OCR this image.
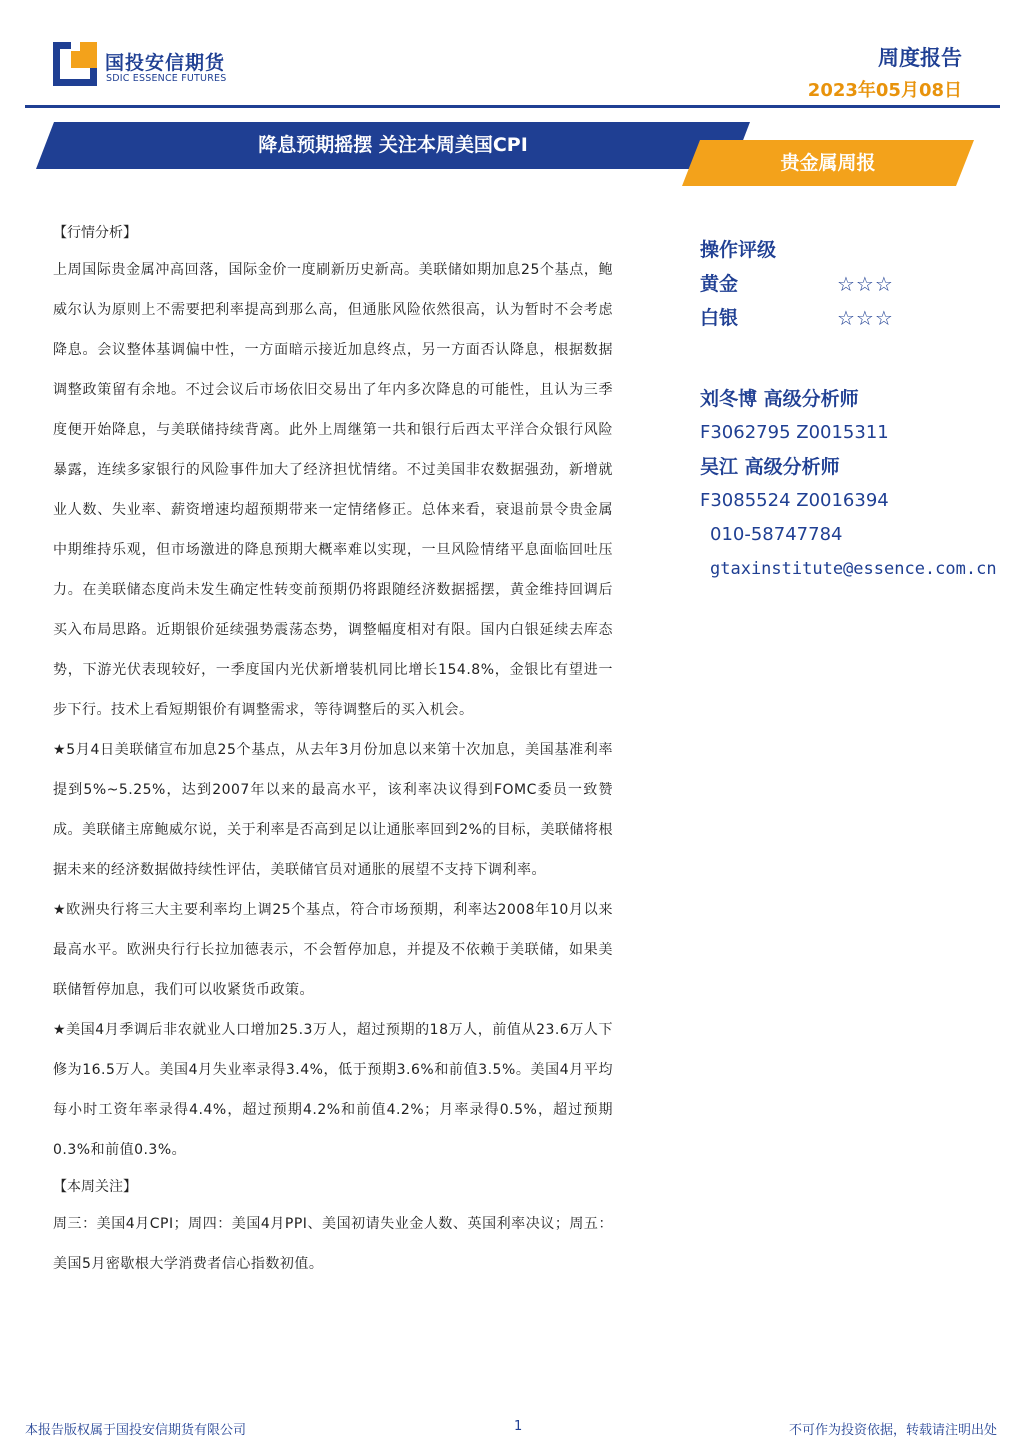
国投安信期货
SDIC ESSENCE FUTURES
周度报告
2023年05月08日
降息预期摇摆 关注本周美国CPI
贵金属周报
【行情分析】

上周国际贵金属冲高回落，国际金价一度刷新历史新高。美联储如期加息25个基点，鲍威尔认为原则上不需要把利率提高到那么高，但通胀风险依然很高，认为暂时不会考虑降息。会议整体基调偏中性，一方面暗示接近加息终点，另一方面否认降息，根据数据调整政策留有余地。不过会议后市场依旧交易出了年内多次降息的可能性，且认为三季度便开始降息，与美联储持续背离。此外上周继第一共和银行后西太平洋合众银行风险暴露，连续多家银行的风险事件加大了经济担忧情绪。不过美国非农数据强劲，新增就业人数、失业率、薪资增速均超预期带来一定情绪修正。总体来看，衰退前景令贵金属中期维持乐观，但市场激进的降息预期大概率难以实现，一旦风险情绪平息面临回吐压力。在美联储态度尚未发生确定性转变前预期仍将跟随经济数据摇摆，黄金维持回调后买入布局思路。近期银价延续强势震荡态势，调整幅度相对有限。国内白银延续去库态势，下游光伏表现较好，一季度国内光伏新增装机同比增长154.8%，金银比有望进一步下行。技术上看短期银价有调整需求，等待调整后的买入机会。

★5月4日美联储宣布加息25个基点，从去年3月份加息以来第十次加息，美国基准利率提到5%~5.25%，达到2007年以来的最高水平，该利率决议得到FOMC委员一致赞成。美联储主席鲍威尔说，关于利率是否高到足以让通胀率回到2%的目标，美联储将根据未来的经济数据做持续性评估，美联储官员对通胀的展望不支持下调利率。

★欧洲央行将三大主要利率均上调25个基点，符合市场预期，利率达2008年10月以来最高水平。欧洲央行行长拉加德表示，不会暂停加息，并提及不依赖于美联储，如果美联储暂停加息，我们可以收紧货币政策。

★美国4月季调后非农就业人口增加25.3万人，超过预期的18万人，前值从23.6万人下修为16.5万人。美国4月失业率录得3.4%，低于预期3.6%和前值3.5%。美国4月平均每小时工资年率录得4.4%，超过预期4.2%和前值4.2%；月率录得0.5%，超过预期0.3%和前值0.3%。

【本周关注】

周三：美国4月CPI；周四：美国4月PPI、美国初请失业金人数、英国利率决议；周五：美国5月密歇根大学消费者信心指数初值。

操作评级
黄金	☆☆☆
白银	☆☆☆
刘冬博 高级分析师
F3062795 Z0015311
吴江 高级分析师
F3085524 Z0016394
010-58747784
gtaxinstitute@essence.com.cn
本报告版权属于国投安信期货有限公司	1	不可作为投资依据，转载请注明出处
